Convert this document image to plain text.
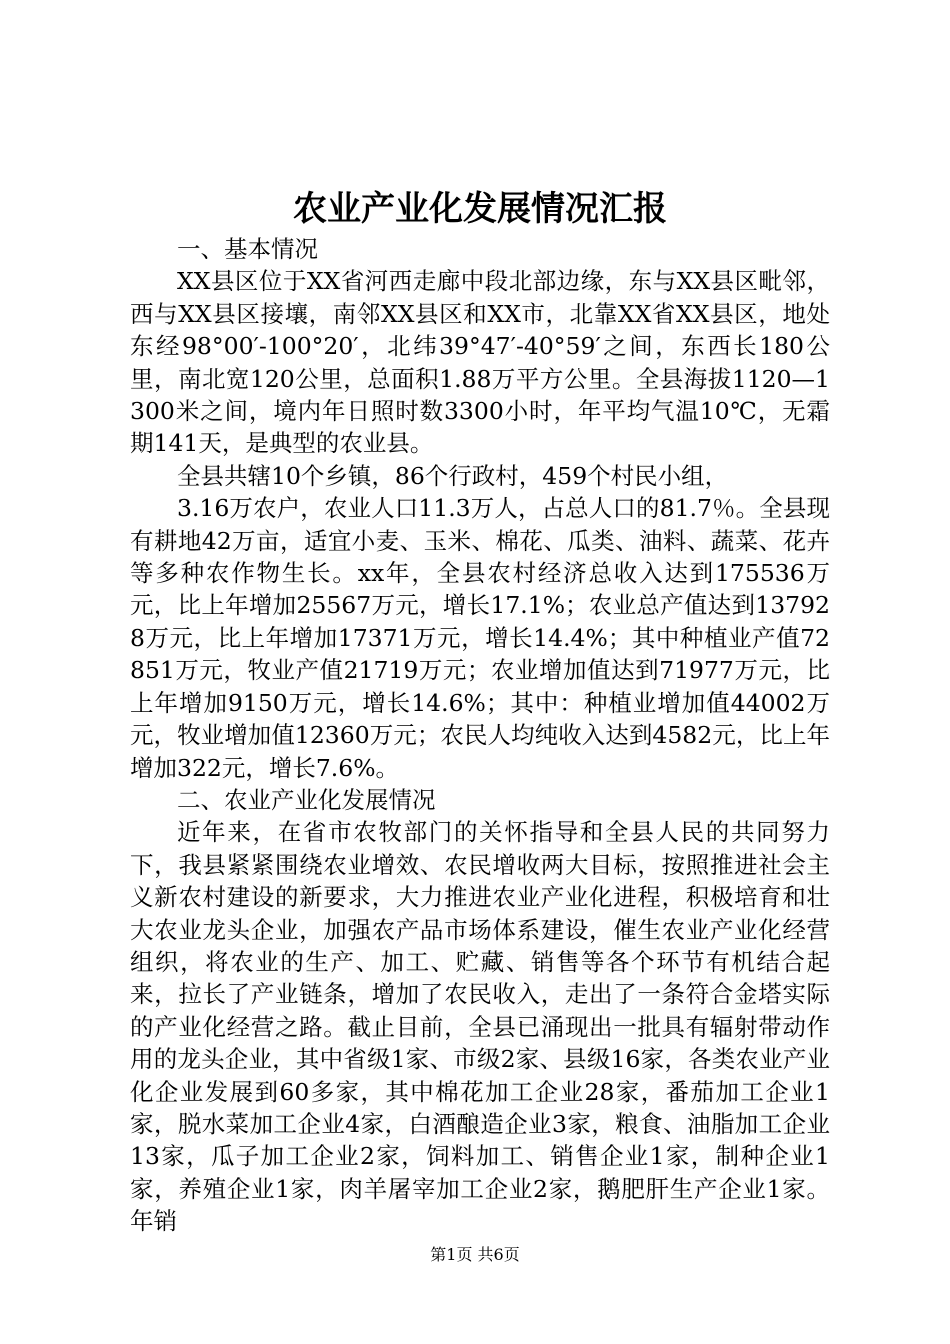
农业产业化发展情况汇报

一、基本情况

XX县区位于XX省河西走廊中段北部边缘，东与XX县区毗邻，西与XX县区接壤，南邻XX县区和XX市，北靠XX省XX县区，地处东经98°00′-100°20′，北纬39°47′-40°59′之间，东西长180公里，南北宽120公里，总面积1.88万平方公里。全县海拔1120—1300米之间，境内年日照时数3300小时，年平均气温10℃，无霜期141天，是典型的农业县。

全县共辖10个乡镇，86个行政村，459个村民小组，

3.16万农户，农业人口11.3万人，占总人口的81.7％。全县现有耕地42万亩，适宜小麦、玉米、棉花、瓜类、油料、蔬菜、花卉等多种农作物生长。xx年，全县农村经济总收入达到175536万元，比上年增加25567万元，增长17.1%；农业总产值达到137928万元，比上年增加17371万元，增长14.4%；其中种植业产值72851万元，牧业产值21719万元；农业增加值达到71977万元，比上年增加9150万元，增长14.6%；其中：种植业增加值44002万元，牧业增加值12360万元；农民人均纯收入达到4582元，比上年增加322元，增长7.6%。

二、农业产业化发展情况

近年来，在省市农牧部门的关怀指导和全县人民的共同努力下，我县紧紧围绕农业增效、农民增收两大目标，按照推进社会主义新农村建设的新要求，大力推进农业产业化进程，积极培育和壮大农业龙头企业，加强农产品市场体系建设，催生农业产业化经营组织，将农业的生产、加工、贮藏、销售等各个环节有机结合起来，拉长了产业链条，增加了农民收入，走出了一条符合金塔实际的产业化经营之路。截止目前，全县已涌现出一批具有辐射带动作用的龙头企业，其中省级1家、市级2家、县级16家，各类农业产业化企业发展到60多家，其中棉花加工企业28家，番茄加工企业1家，脱水菜加工企业4家，白酒酿造企业3家，粮食、油脂加工企业13家，瓜子加工企业2家，饲料加工、销售企业1家，制种企业1家，养殖企业1家，肉羊屠宰加工企业2家，鹅肥肝生产企业1家。年销

第1页 共6页
